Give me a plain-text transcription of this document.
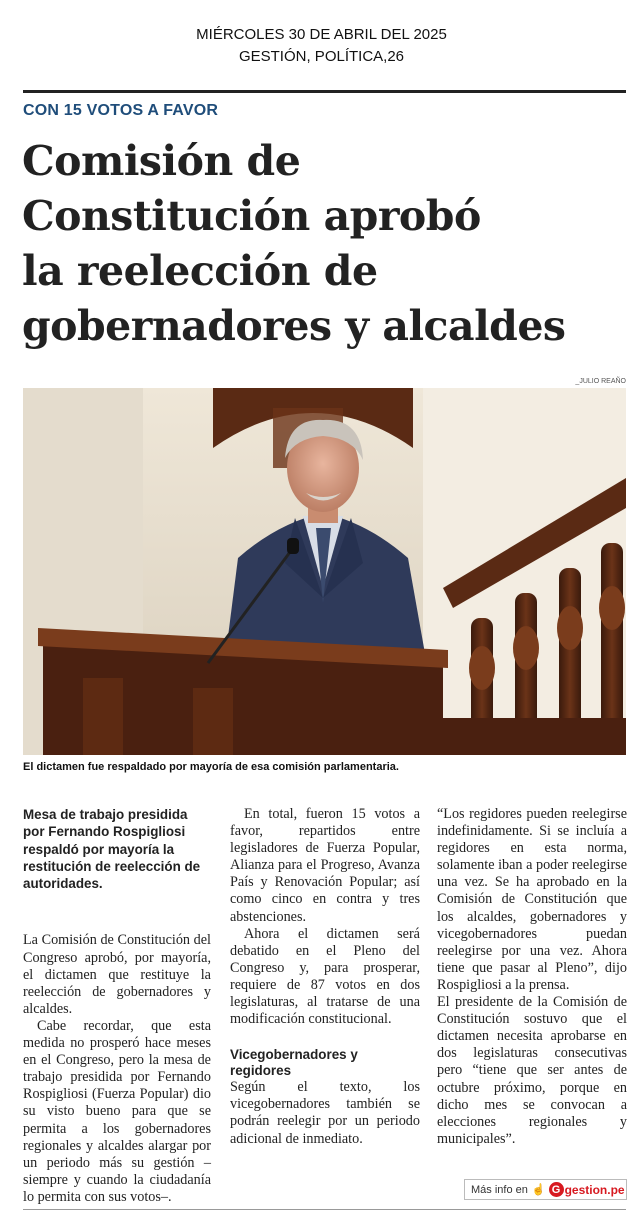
MIÉRCOLES 30 DE ABRIL DEL 2025
GESTIÓN, POLÍTICA,26
CON 15 VOTOS A FAVOR
Comisión de
Constitución aprobó
la reelección de
gobernadores y alcaldes
_JULIO REAÑO
El dictamen fue respaldado por mayoría de esa comisión parlamentaria.
Mesa de trabajo presidida por Fernando Rospigliosi respaldó por mayoría la restitución de reelección de autoridades.

La Comisión de Constitución del Congreso aprobó, por mayoría, el dictamen que restituye la reelección de gobernadores y alcaldes.

Cabe recordar, que esta medida no prosperó hace meses en el Congreso, pero la mesa de trabajo presidida por Fernando Rospigliosi (Fuerza Popular) dio su visto bueno para que se permita a los gobernadores regionales y alcaldes alargar por un periodo más su gestión –siempre y cuando la ciudadanía lo permita con sus votos–.

En total, fueron 15 votos a favor, repartidos entre legisladores de Fuerza Popular, Alianza para el Progreso, Avanza País y Renovación Popular; así como cinco en contra y tres abstenciones.

Ahora el dictamen será debatido en el Pleno del Congreso y, para prosperar, requiere de 87 votos en dos legislaturas, al tratarse de una modificación constitucional.

Vicegobernadores y regidores

Según el texto, los vicegobernadores también se podrán reelegir por un periodo adicional de inmediato.

“Los regidores pueden reelegirse indefinidamente. Si se incluía a regidores en esta norma, solamente iban a poder reelegirse una vez. Se ha aprobado en la Comisión de Constitución que los alcaldes, gobernadores y vicegobernadores puedan reelegirse por una vez. Ahora tiene que pasar al Pleno”, dijo Rospigliosi a la prensa.

El presidente de la Comisión de Constitución sostuvo que el dictamen necesita aprobarse en dos legislaturas consecutivas pero “tiene que ser antes de octubre próximo, porque en dicho mes se convocan a elecciones regionales y municipales”.

Más info en ☝ G gestion.pe
